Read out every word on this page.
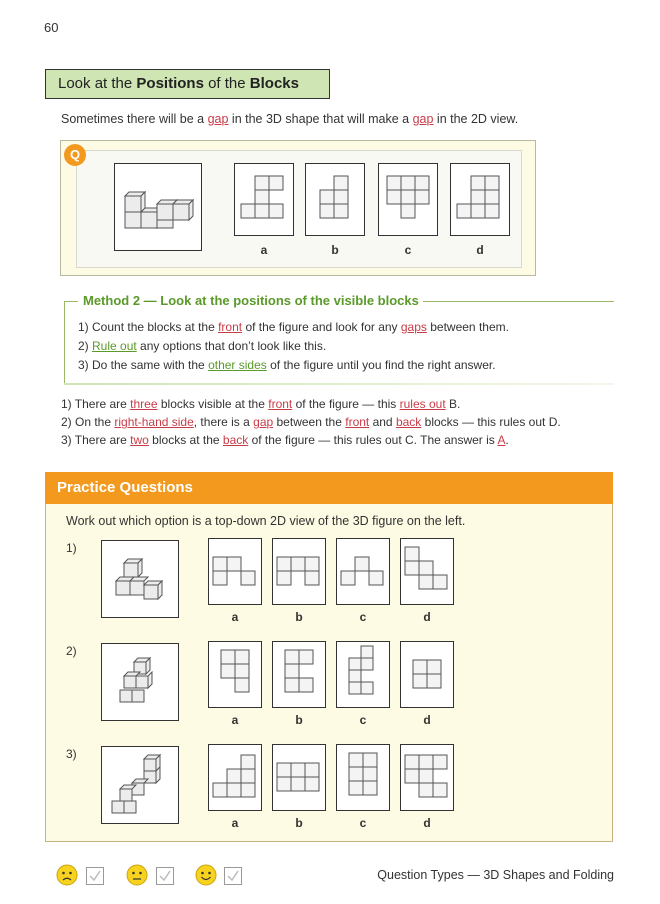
60
Look at the Positions of the Blocks
Sometimes there will be a gap in the 3D shape that will make a gap in the 2D view.
Q
a	b	c	d
Method 2 — Look at the positions of the visible blocks
1) Count the blocks at the front of the figure and look for any gaps between them.
2) Rule out any options that don’t look like this.
3) Do the same with the other sides of the figure until you find the right answer.
1) There are three blocks visible at the front of the figure — this rules out B.
2) On the right-hand side, there is a gap between the front and back blocks — this rules out D.
3) There are two blocks at the back of the figure — this rules out C. The answer is A.
Practice Questions
Work out which option is a top-down 2D view of the 3D figure on the left.
1)
a	b	c	d
2)
a	b	c	d
3)
a	b	c	d
Question Types — 3D Shapes and Folding
